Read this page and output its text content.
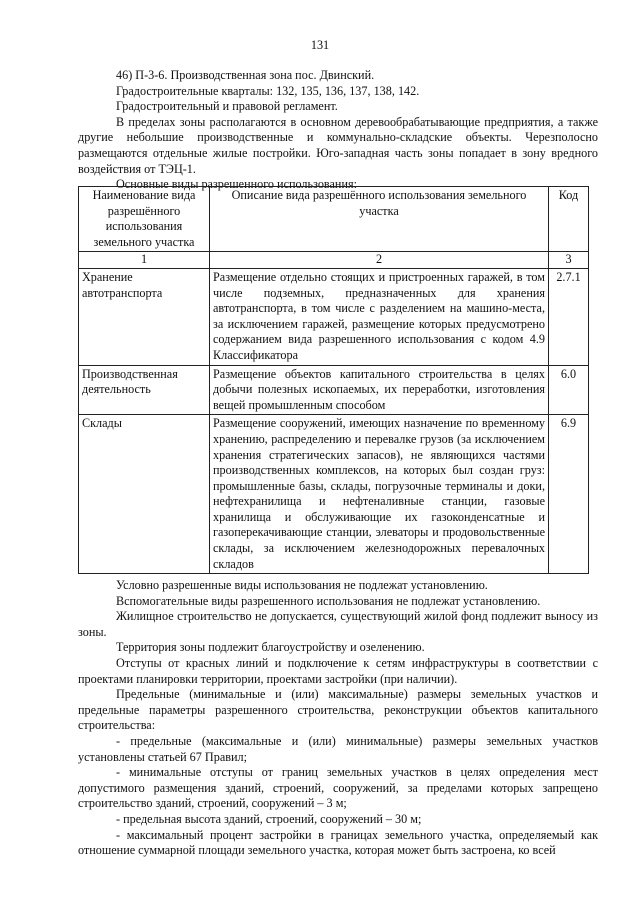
131

46) П-3-6. Производственная зона пос. Двинский.

Градостроительные кварталы: 132, 135, 136, 137, 138, 142.

Градостроительный и правовой регламент.

В пределах зоны располагаются в основном деревообрабатывающие предприятия, а также другие небольшие производственные и коммунально-складские объекты. Черезполосно размещаются отдельные жилые постройки. Юго-западная часть зоны попадает в зону вредного воздействия от ТЭЦ-1.

Основные виды разрешенного использования:

Наименование вида разрешённого использования земельного участка	Описание вида разрешённого использования земельного участка	Код
1	2	3
Хранение автотранспорта	Размещение отдельно стоящих и пристроенных гаражей, в том числе подземных, предназначенных для хранения автотранспорта, в том числе с разделением на машино-места, за исключением гаражей, размещение которых предусмотрено содержанием вида разрешенного использования с кодом 4.9 Классификатора	2.7.1
Производственная деятельность	Размещение объектов капитального строительства в целях добычи полезных ископаемых, их переработки, изготовления вещей промышленным способом	6.0
Склады	Размещение сооружений, имеющих назначение по временному хранению, распределению и перевалке грузов (за исключением хранения стратегических запасов), не являющихся частями производственных комплексов, на которых был создан груз: промышленные базы, склады, погрузочные терминалы и доки, нефтехранилища и нефтеналивные станции, газовые хранилища и обслуживающие их газоконденсатные и газоперекачивающие станции, элеваторы и продовольственные склады, за исключением железнодорожных перевалочных складов	6.9

Условно разрешенные виды использования не подлежат установлению.

Вспомогательные виды разрешенного использования не подлежат установлению.

Жилищное строительство не допускается, существующий жилой фонд подлежит выносу из зоны.

Территория зоны подлежит благоустройству и озеленению.

Отступы от красных линий и подключение к сетям инфраструктуры в соответствии с проектами планировки территории, проектами застройки (при наличии).

Предельные (минимальные и (или) максимальные) размеры земельных участков и предельные параметры разрешенного строительства, реконструкции объектов капитального строительства:

- предельные (максимальные и (или) минимальные) размеры земельных участков установлены статьей 67 Правил;

- минимальные отступы от границ земельных участков в целях определения мест допустимого размещения зданий, строений, сооружений, за пределами которых запрещено строительство зданий, строений, сооружений – 3 м;

- предельная высота зданий, строений, сооружений – 30 м;

- максимальный процент застройки в границах земельного участка, определяемый как отношение суммарной площади земельного участка, которая может быть застроена, ко всей
